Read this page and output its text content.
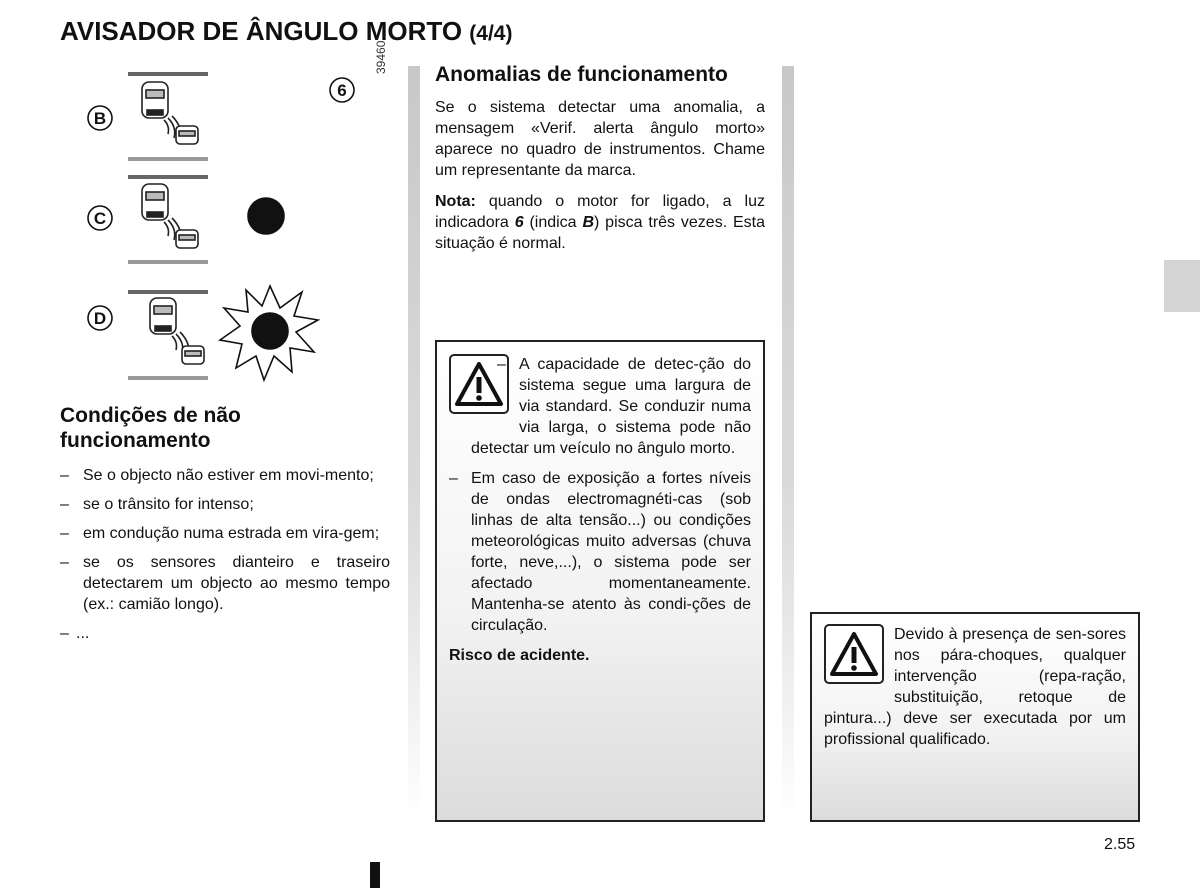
AVISADOR DE ÂNGULO MORTO (4/4)
B
C
D
6
39460
Condições de não funcionamento
– Se o objecto não estiver em movi-mento;
– se o trânsito for intenso;
– em condução numa estrada em vira-gem;
– se os sensores dianteiro e traseiro detectarem um objecto ao mesmo tempo (ex.: camião longo).
– ...
Anomalias de funcionamento

Se o sistema detectar uma anomalia, a mensagem «Verif. alerta ângulo morto» aparece no quadro de instrumentos. Chame um representante da marca.

Nota: quando o motor for ligado, a luz indicadora 6 (indica B) pisca três vezes. Esta situação é normal.

– A capacidade de detec-ção do sistema segue uma largura de via standard. Se conduzir numa via larga, o sistema pode não detectar um veículo no ângulo morto.
– Em caso de exposição a fortes níveis de ondas electromagnéti-cas (sob linhas de alta tensão...) ou condições meteorológicas muito adversas (chuva forte, neve,...), o sistema pode ser afectado momentaneamente. Mantenha-se atento às condi-ções de circulação.
Risco de acidente.
Devido à presença de sen-sores nos pára-choques, qualquer intervenção (repa-ração, substituição, retoque de pintura...) deve ser executada por um profissional qualificado.
2.55
